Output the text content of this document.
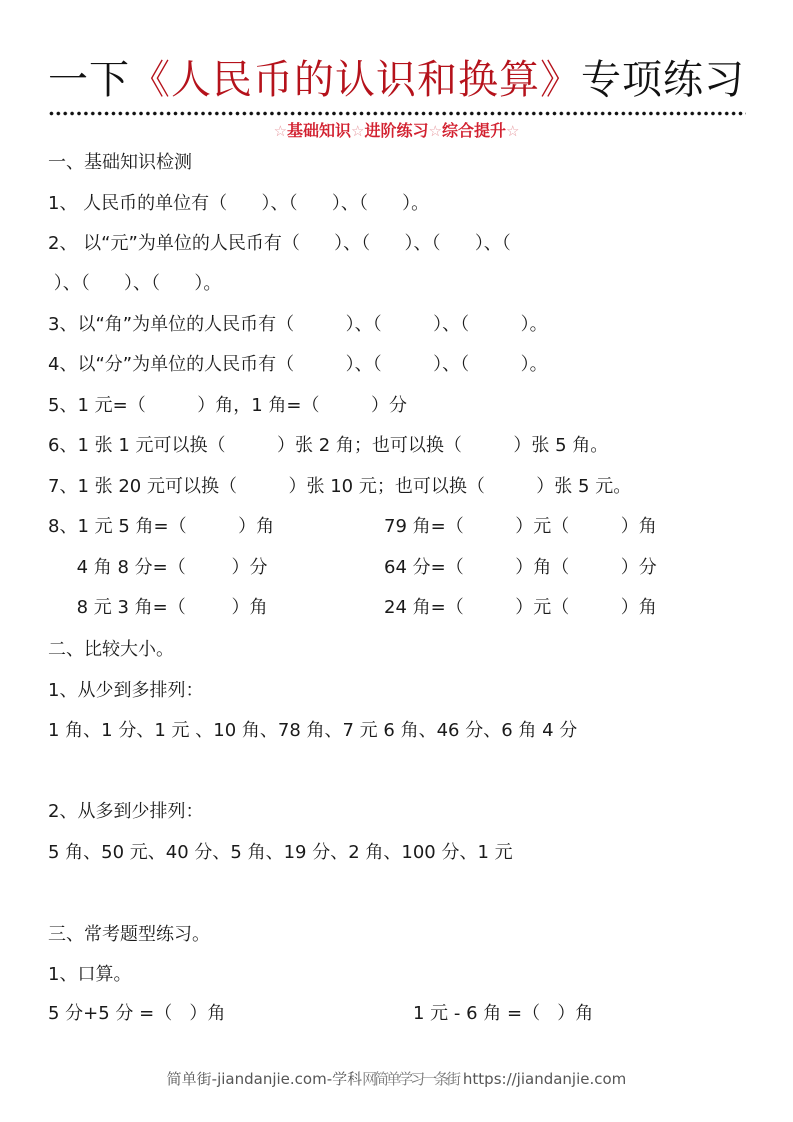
一下《人民币的认识和换算》专项练习
☆基础知识☆进阶练习☆综合提升☆
一、基础知识检测
1、 人民币的单位有（      ）、（      ）、（      ）。
2、 以“元”为单位的人民币有（      ）、（      ）、（      ）、（
）、（      ）、（      ）。
3、以“角”为单位的人民币有（         ）、（         ）、（         ）。
4、以“分”为单位的人民币有（         ）、（         ）、（         ）。
5、1 元=（         ）角，1 角=（         ）分
6、1 张 1 元可以换（         ）张 2 角；也可以换（         ）张 5 角。
7、1 张 20 元可以换（         ）张 10 元；也可以换（         ）张 5 元。
8、1 元 5 角=（         ）角	79 角=（         ）元（         ）角
4 角 8 分=（        ）分	64 分=（         ）角（         ）分
8 元 3 角=（        ）角	24 角=（         ）元（         ）角
二、比较大小。
1、从少到多排列：
1 角、1 分、1 元 、10 角、78 角、7 元 6 角、46 分、6 角 4 分
2、从多到少排列：
5 角、50 元、40 分、5 角、19 分、2 角、100 分、1 元
三、常考题型练习。
1、口算。
5 分+5 分 =（   ）角	1 元 - 6 角 =（   ）角
简单街-jiandanjie.com-学科网简单学习一条街 https://jiandanjie.com
